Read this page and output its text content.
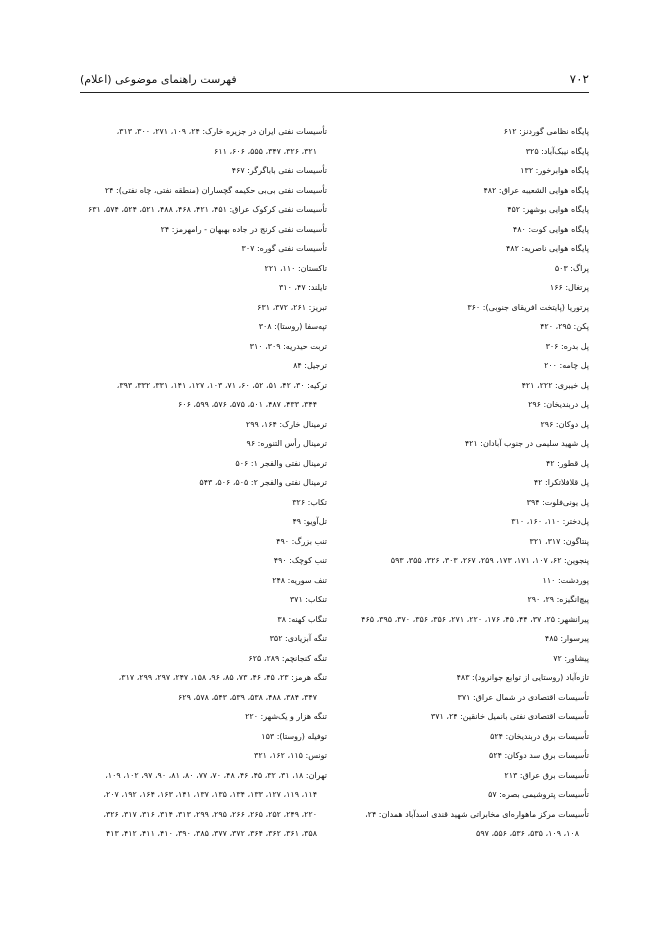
۷۰۲
فهرست راهنمای موضوعی (اعلام)
پایگاه نظامی گوردنز: ۶۱۲
پایگاه نیبک‌آباد: ۳۲۵
پایگاه هوابرخور: ۱۳۲
پایگاه هوایی الشعیبه عراق: ۴۸۲
پایگاه هوایی بوشهر: ۴۵۲
پایگاه هوایی کوت: ۴۸۰
پایگاه هوایی ناصریه: ۴۸۲
پراگ: ۵۰۳
پرتغال: ۱۶۶
پرتوریا (پایتخت افریقای جنوبی): ۳۶۰
پکن: ۲۹۵، ۴۲۰
پل بدره: ۳۰۶
پل چامه: ۲۰۰
پل خیبری: ۲۲۲، ۴۲۱
پل دربندیخان: ۲۹۶
پل دوکان: ۲۹۶
پل شهید سلیمی در جنوب آبادان: ۴۲۱
پل قطور: ۴۲
پل قلافلاتکرا: ۴۲
پل یونی‌فلوت: ۳۹۴
پل‌دختر: ۱۱۰، ۱۶۰، ۳۱۰
پنتاگون: ۳۱۷، ۳۲۱
پنجوین: ۶۲، ۱۰۷، ۱۷۱، ۱۷۳، ۲۵۹، ۲۶۷، ۳۰۳، ۳۲۶، ۳۵۵، ۵۹۳
پوردشت: ۱۱۰
پیچ‌انگیزه: ۲۹، ۲۹۰
پیرانشهر: ۲۵، ۳۷، ۴۴، ۴۵، ۱۷۶، ۲۲۰، ۲۷۱، ۳۵۶، ۳۵۶، ۳۷۰، ۳۹۵، ۴۶۵
پیرسوار: ۴۸۵
پیشاور: ۷۲
تازه‌آباد (روستایی از توابع جوانرود): ۴۸۳
تأسیسات اقتصادی در شمال عراق: ۳۷۱
تأسیسات اقتصادی نفتی بانمیل خانقین: ۲۴، ۳۷۱
تأسیسات برق دربندیخان: ۵۲۴
تأسیسات برق سد دوکان: ۵۲۴
تأسیسات برق عراق: ۲۱۳
تأسیسات پتروشیمی بصره: ۵۷
تأسیسات مرکز ماهواره‌ای مخابراتی شهید قندی اسدآباد همدان: ۲۴،
۱۰۸، ۱۰۹، ۵۳۵، ۵۳۶، ۵۵۶، ۵۹۷
تأسیسات نفتی ایران در جزیره خارک: ۲۴، ۱۰۹، ۲۷۱، ۳۰۰، ۳۱۳،
۳۲۱، ۳۲۶، ۳۴۷، ۵۵۵، ۶۰۶، ۶۱۱
تأسیسات نفتی باباگرگر: ۴۶۷
تأسیسات نفتی بی‌بی حکیمه گچساران (منطقه نفتی، چاه نفتی): ۲۴
تأسیسات نفتی کرکوک عراق: ۴۵۱، ۴۲۱، ۴۶۸، ۴۸۸، ۵۲۱، ۵۲۴، ۵۷۴، ۶۳۱
تأسیسات نفتی کرنج در جاده بهبهان - رامهرمز: ۲۴
تأسیسات نفتی گوره: ۳۰۷
تاکستان: ۱۱۰، ۲۲۱
تایلند: ۴۷، ۳۱۰
تبریز: ۲۶۱، ۳۷۲، ۶۳۱
تپه‌سفا (روستا): ۳۰۸
تربت حیدریه: ۳۰۹، ۳۱۰
ترجیل: ۸۴
ترکیه: ۳۰، ۴۲، ۵۱، ۵۲، ۶۰، ۷۱، ۱۰۳، ۱۲۷، ۱۴۱، ۳۳۱، ۳۳۲، ۳۹۳،
۳۴۴، ۴۳۳، ۴۸۷، ۵۰۱، ۵۷۵، ۵۷۶، ۵۹۹، ۶۰۶
ترمینال خارک: ۱۶۴، ۲۹۹
ترمینال رأس التنوره: ۹۶
ترمینال نفتی والفجر ۱: ۵۰۶
ترمینال نفتی والفجر ۲: ۵۰۵، ۵۰۶، ۵۴۳
تکاب: ۳۲۶
تل‌آویو: ۴۹
تنب بزرگ: ۴۹۰
تنب کوچک: ۴۹۰
تنف سوریه: ۲۴۸
تنکاب: ۳۷۱
تنگاب کهنه: ۳۸
تنگه آبزیادی: ۳۵۲
تنگه کنجانچم: ۲۸۹، ۶۲۵
تنگه هرمز: ۲۳، ۴۵، ۴۶، ۷۳، ۸۵، ۹۶، ۱۵۸، ۲۴۷، ۲۹۷، ۲۹۹، ۳۱۷،
۳۴۷، ۳۸۴، ۴۸۸، ۵۳۸، ۵۳۹، ۵۴۳، ۵۷۸، ۶۲۹
تنگه هزار و یک‌شهر: ۲۲۰
توفیله (روستا): ۱۵۳
تونس: ۱۱۵، ۱۶۲، ۳۲۱
تهران: ۱۸، ۳۱، ۳۲، ۴۵، ۴۶، ۴۸، ۷۰، ۷۷، ۸۰، ۸۱، ۹۰، ۹۷، ۱۰۲، ۱۰۹،
۱۱۴، ۱۱۹، ۱۲۷، ۱۳۳، ۱۳۴، ۱۳۵، ۱۳۷، ۱۴۱، ۱۶۳، ۱۶۴، ۱۹۲، ۲۰۷،
۲۲۰، ۲۴۹، ۲۵۲، ۲۶۵، ۲۶۶، ۲۹۵، ۲۹۹، ۳۱۳، ۳۱۴، ۳۱۶، ۳۱۷، ۳۲۶،
۳۵۸، ۳۶۱، ۳۶۲، ۳۶۴، ۳۷۲، ۳۷۷، ۳۸۵، ۳۹۰، ۴۱۰، ۴۱۱، ۴۱۲، ۴۱۳
